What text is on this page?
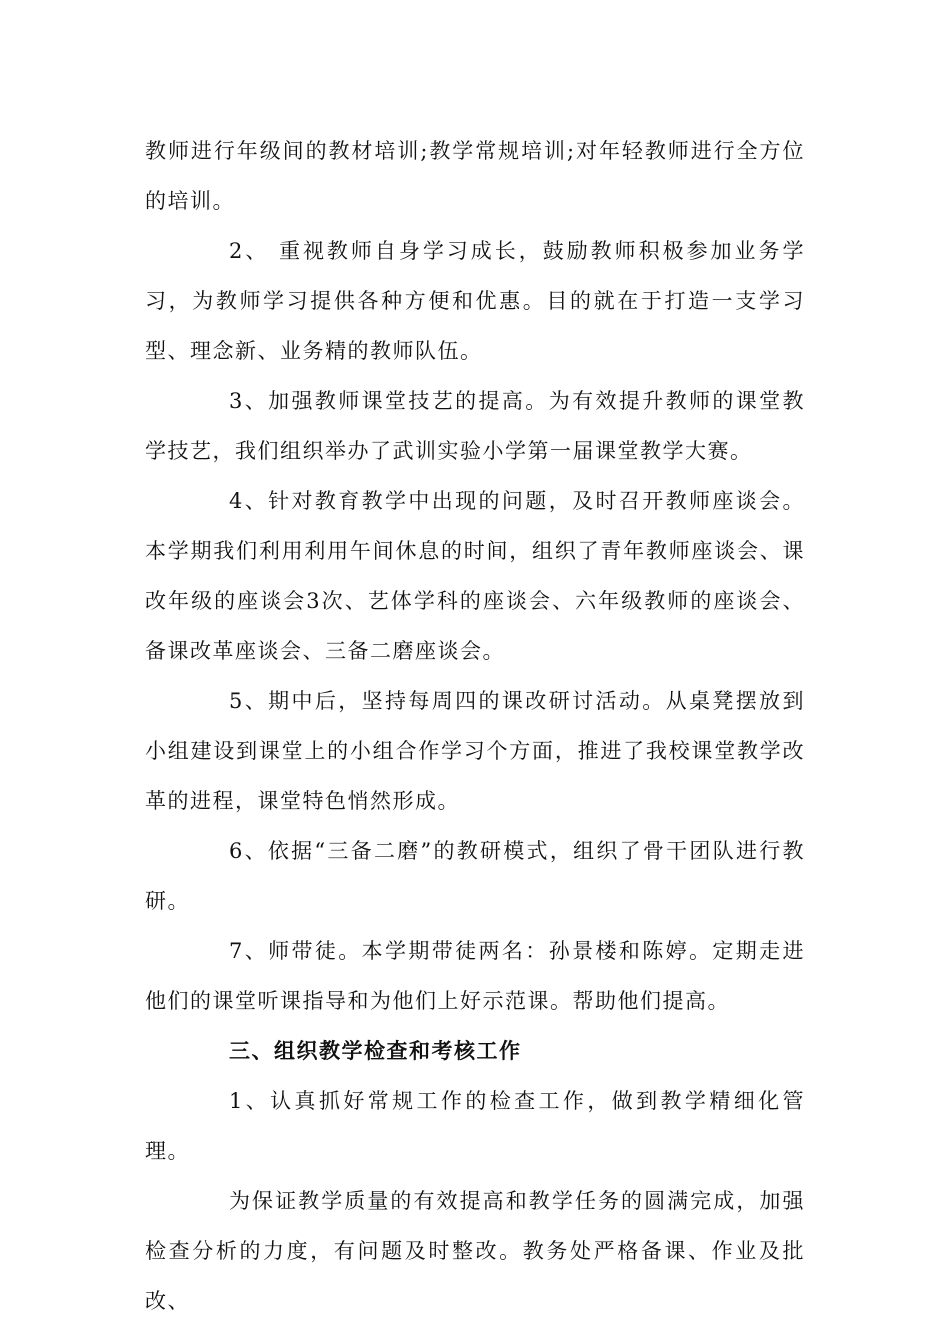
教师进行年级间的教材培训;教学常规培训;对年轻教师进行全方位的培训。

2、 重视教师自身学习成长，鼓励教师积极参加业务学习，为教师学习提供各种方便和优惠。目的就在于打造一支学习型、理念新、业务精的教师队伍。

3、加强教师课堂技艺的提高。为有效提升教师的课堂教学技艺，我们组织举办了武训实验小学第一届课堂教学大赛。

4、针对教育教学中出现的问题，及时召开教师座谈会。本学期我们利用利用午间休息的时间，组织了青年教师座谈会、课改年级的座谈会3次、艺体学科的座谈会、六年级教师的座谈会、备课改革座谈会、三备二磨座谈会。

5、期中后，坚持每周四的课改研讨活动。从桌凳摆放到小组建设到课堂上的小组合作学习个方面，推进了我校课堂教学改革的进程，课堂特色悄然形成。

6、依据“三备二磨”的教研模式，组织了骨干团队进行教研。

7、师带徒。本学期带徒两名：孙景楼和陈婷。定期走进他们的课堂听课指导和为他们上好示范课。帮助他们提高。

三、组织教学检查和考核工作

1、认真抓好常规工作的检查工作，做到教学精细化管理。

为保证教学质量的有效提高和教学任务的圆满完成，加强检查分析的力度，有问题及时整改。教务处严格备课、作业及批改、
